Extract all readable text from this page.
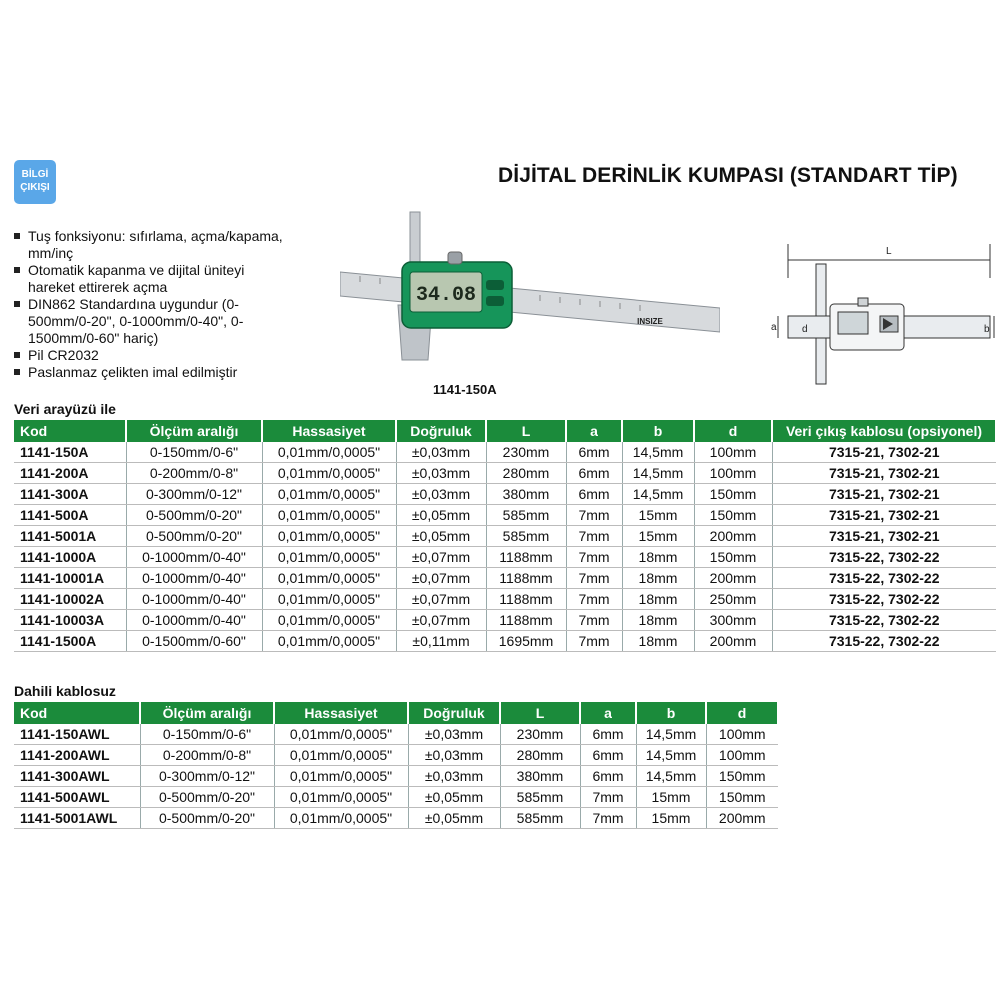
BİLGİ
ÇIKIŞI
DİJİTAL DERİNLİK KUMPASI (STANDART TİP)
Tuş fonksiyonu: sıfırlama, açma/kapama, mm/inç
Otomatik kapanma ve dijital üniteyi hareket ettirerek açma
DIN862 Standardına uygundur (0-500mm/0-20", 0-1000mm/0-40", 0-1500mm/0-60" hariç)
Pil CR2032
Paslanmaz çelikten imal edilmiştir
34.08
INSIZE
1141-150A
L
a	d	b
Veri arayüzü ile
Kod	Ölçüm aralığı	Hassasiyet	Doğruluk	L	a	b	d	Veri çıkış kablosu (opsiyonel)
1141-150A	0-150mm/0-6"	0,01mm/0,0005"	±0,03mm	230mm	6mm	14,5mm	100mm	7315-21, 7302-21
1141-200A	0-200mm/0-8"	0,01mm/0,0005"	±0,03mm	280mm	6mm	14,5mm	100mm	7315-21, 7302-21
1141-300A	0-300mm/0-12"	0,01mm/0,0005"	±0,03mm	380mm	6mm	14,5mm	150mm	7315-21, 7302-21
1141-500A	0-500mm/0-20"	0,01mm/0,0005"	±0,05mm	585mm	7mm	15mm	150mm	7315-21, 7302-21
1141-5001A	0-500mm/0-20"	0,01mm/0,0005"	±0,05mm	585mm	7mm	15mm	200mm	7315-21, 7302-21
1141-1000A	0-1000mm/0-40"	0,01mm/0,0005"	±0,07mm	1188mm	7mm	18mm	150mm	7315-22, 7302-22
1141-10001A	0-1000mm/0-40"	0,01mm/0,0005"	±0,07mm	1188mm	7mm	18mm	200mm	7315-22, 7302-22
1141-10002A	0-1000mm/0-40"	0,01mm/0,0005"	±0,07mm	1188mm	7mm	18mm	250mm	7315-22, 7302-22
1141-10003A	0-1000mm/0-40"	0,01mm/0,0005"	±0,07mm	1188mm	7mm	18mm	300mm	7315-22, 7302-22
1141-1500A	0-1500mm/0-60"	0,01mm/0,0005"	±0,11mm	1695mm	7mm	18mm	200mm	7315-22, 7302-22
Dahili kablosuz
Kod	Ölçüm aralığı	Hassasiyet	Doğruluk	L	a	b	d
1141-150AWL	0-150mm/0-6"	0,01mm/0,0005"	±0,03mm	230mm	6mm	14,5mm	100mm
1141-200AWL	0-200mm/0-8"	0,01mm/0,0005"	±0,03mm	280mm	6mm	14,5mm	100mm
1141-300AWL	0-300mm/0-12"	0,01mm/0,0005"	±0,03mm	380mm	6mm	14,5mm	150mm
1141-500AWL	0-500mm/0-20"	0,01mm/0,0005"	±0,05mm	585mm	7mm	15mm	150mm
1141-5001AWL	0-500mm/0-20"	0,01mm/0,0005"	±0,05mm	585mm	7mm	15mm	200mm
